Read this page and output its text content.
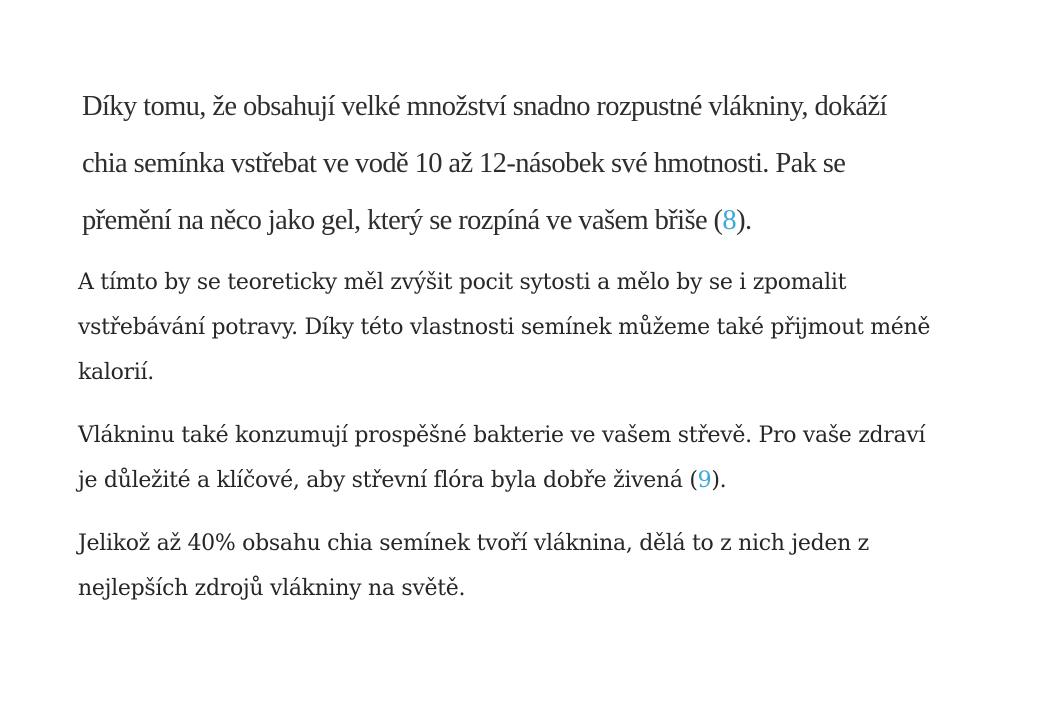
Díky tomu, že obsahují velké množství snadno rozpustné vlákniny, dokáží chia semínka vstřebat ve vodě 10 až 12-násobek své hmotnosti. Pak se přemění na něco jako gel, který se rozpíná ve vašem břiše (8).

A tímto by se teoreticky měl zvýšit pocit sytosti a mělo by se i zpomalit vstřebávání potravy. Díky této vlastnosti semínek můžeme také přijmout méně kalorií.

Vlákninu také konzumují prospěšné bakterie ve vašem střevě. Pro vaše zdraví je důležité a klíčové, aby střevní flóra byla dobře živená (9).

Jelikož až 40% obsahu chia semínek tvoří vláknina, dělá to z nich jeden z nejlepších zdrojů vlákniny na světě.
